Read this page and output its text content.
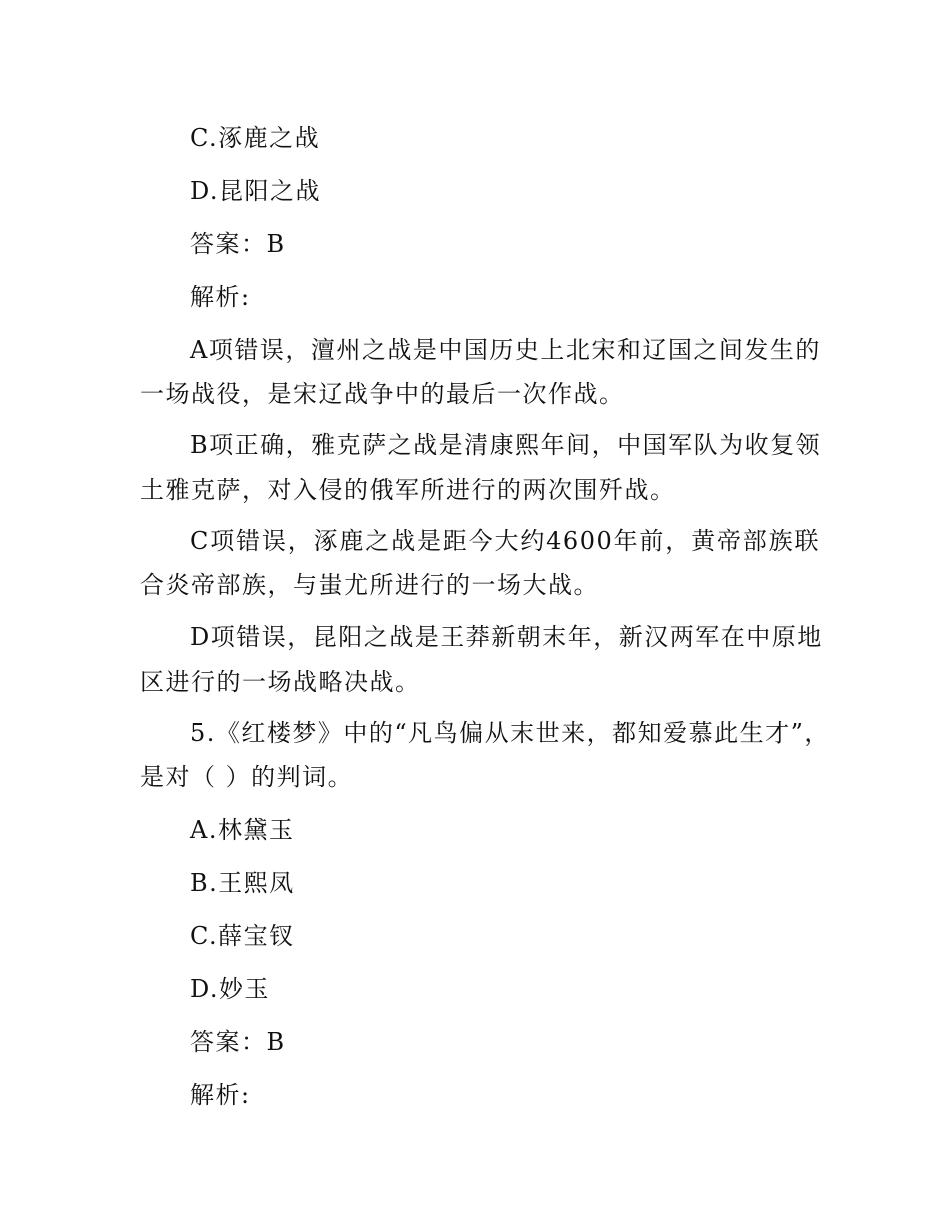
C.涿鹿之战
D.昆阳之战
答案：B
解析:
A项错误，澶州之战是中国历史上北宋和辽国之间发生的
一场战役，是宋辽战争中的最后一次作战。
B项正确，雅克萨之战是清康熙年间，中国军队为收复领
土雅克萨，对入侵的俄军所进行的两次围歼战。
C项错误，涿鹿之战是距今大约4600年前，黄帝部族联
合炎帝部族，与蚩尤所进行的一场大战。
D项错误，昆阳之战是王莽新朝末年，新汉两军在中原地
区进行的一场战略决战。
5.《红楼梦》中的“凡鸟偏从末世来，都知爱慕此生才”，
是对（ ）的判词。
A.林黛玉
B.王熙凤
C.薛宝钗
D.妙玉
答案：B
解析:
